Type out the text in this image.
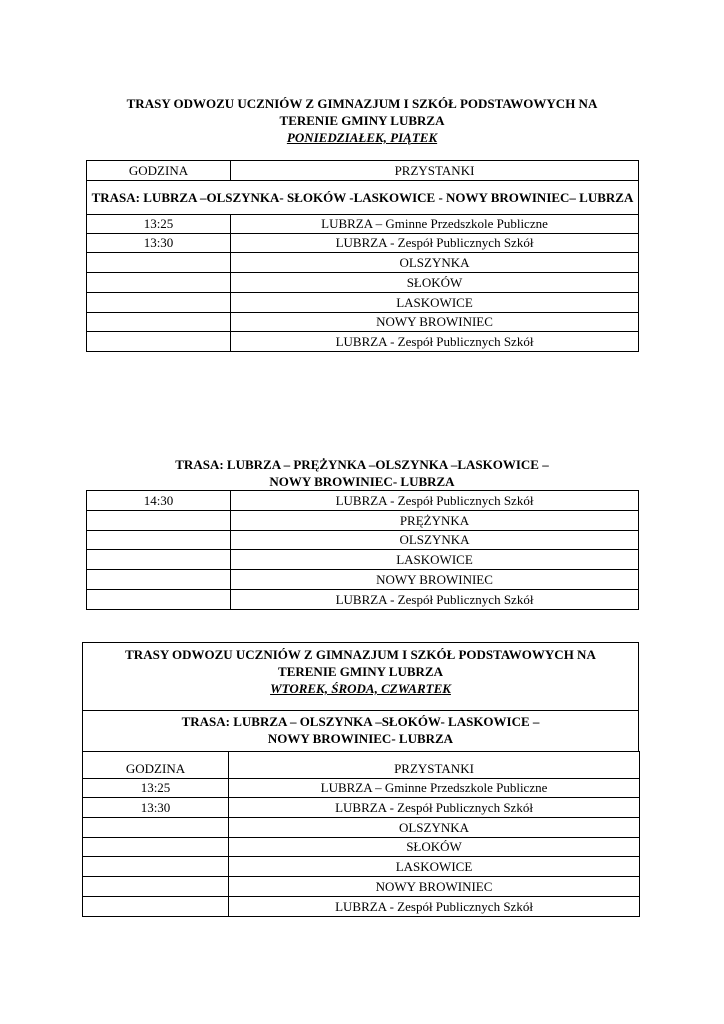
TRASY ODWOZU UCZNIÓW Z GIMNAZJUM I SZKÓŁ PODSTAWOWYCH NA
TERENIE GMINY LUBRZA
PONIEDZIAŁEK, PIĄTEK
GODZINA	PRZYSTANKI
TRASA: LUBRZA –OLSZYNKA- SŁOKÓW -LASKOWICE - NOWY BROWINIEC– LUBRZA	
13:25	LUBRZA – Gminne Przedszkole Publiczne
13:30	LUBRZA - Zespół Publicznych Szkół
	OLSZYNKA
	SŁOKÓW
	LASKOWICE
	NOWY BROWINIEC
	LUBRZA - Zespół Publicznych Szkół
TRASA: LUBRZA – PRĘŻYNKA –OLSZYNKA –LASKOWICE –
NOWY BROWINIEC- LUBRZA
14:30	LUBRZA - Zespół Publicznych Szkół
	PRĘŻYNKA
	OLSZYNKA
	LASKOWICE
	NOWY BROWINIEC
	LUBRZA - Zespół Publicznych Szkół
TRASY ODWOZU UCZNIÓW Z GIMNAZJUM I SZKÓŁ PODSTAWOWYCH NA
TERENIE GMINY LUBRZA
WTOREK, ŚRODA, CZWARTEK
TRASA: LUBRZA – OLSZYNKA –SŁOKÓW- LASKOWICE –
NOWY BROWINIEC- LUBRZA
GODZINA	PRZYSTANKI
13:25	LUBRZA – Gminne Przedszkole Publiczne
13:30	LUBRZA - Zespół Publicznych Szkół
	OLSZYNKA
	SŁOKÓW
	LASKOWICE
	NOWY BROWINIEC
	LUBRZA - Zespół Publicznych Szkół
